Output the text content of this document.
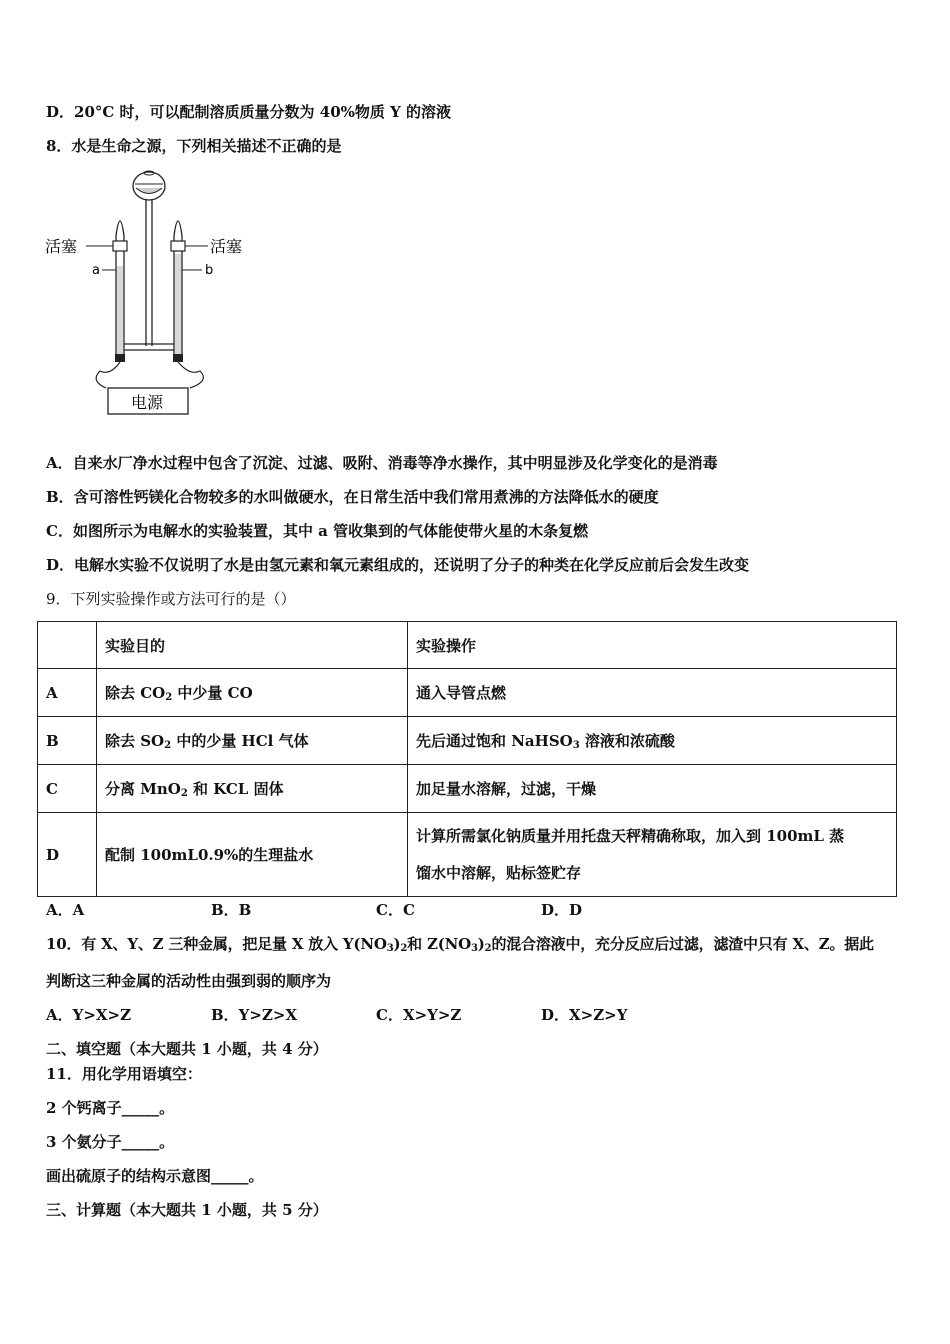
D．20°C 时，可以配制溶质质量分数为 40%物质 Y 的溶液
8．水是生命之源，下列相关描述不正确的是
活塞	活塞
a	b
电源
A．自来水厂净水过程中包含了沉淀、过滤、吸附、消毒等净水操作，其中明显涉及化学变化的是消毒
B．含可溶性钙镁化合物较多的水叫做硬水，在日常生活中我们常用煮沸的方法降低水的硬度
C．如图所示为电解水的实验装置，其中 a 管收集到的气体能使带火星的木条复燃
D．电解水实验不仅说明了水是由氢元素和氧元素组成的，还说明了分子的种类在化学反应前后会发生改变
9．下列实验操作或方法可行的是（）
	实验目的	实验操作
A	除去 $CO_2$ 中少量 CO	通入导管点燃
B	除去 $SO_2$ 中的少量 HCl 气体	先后通过饱和 NaHSO$_3$ 溶液和浓硫酸
C	分离 MnO$_2$ 和 KCL 固体	加足量水溶解，过滤，干燥
D	配制 100mL0.9%的生理盐水	计算所需氯化钠质量并用托盘天秤精确称取，加入到 100mL 蒸
馏水中溶解，贴标签贮存
A．A	B．B	C．C	D．D
10．有 X、Y、Z 三种金属，把足量 X 放入 $Y(NO_3)_2$和 $Z(NO_3)_2$的混合溶液中，充分反应后过滤，滤渣中只有 X、Z。据此
判断这三种金属的活动性由强到弱的顺序为
A．Y>X>Z	B．Y>Z>X	C．X>Y>Z	D．X>Z>Y
二、填空题（本大题共 1 小题，共 4 分）
11．用化学用语填空：
2 个钙离子_____。
3 个氨分子_____。
画出硫原子的结构示意图_____。
三、计算题（本大题共 1 小题，共 5 分）
